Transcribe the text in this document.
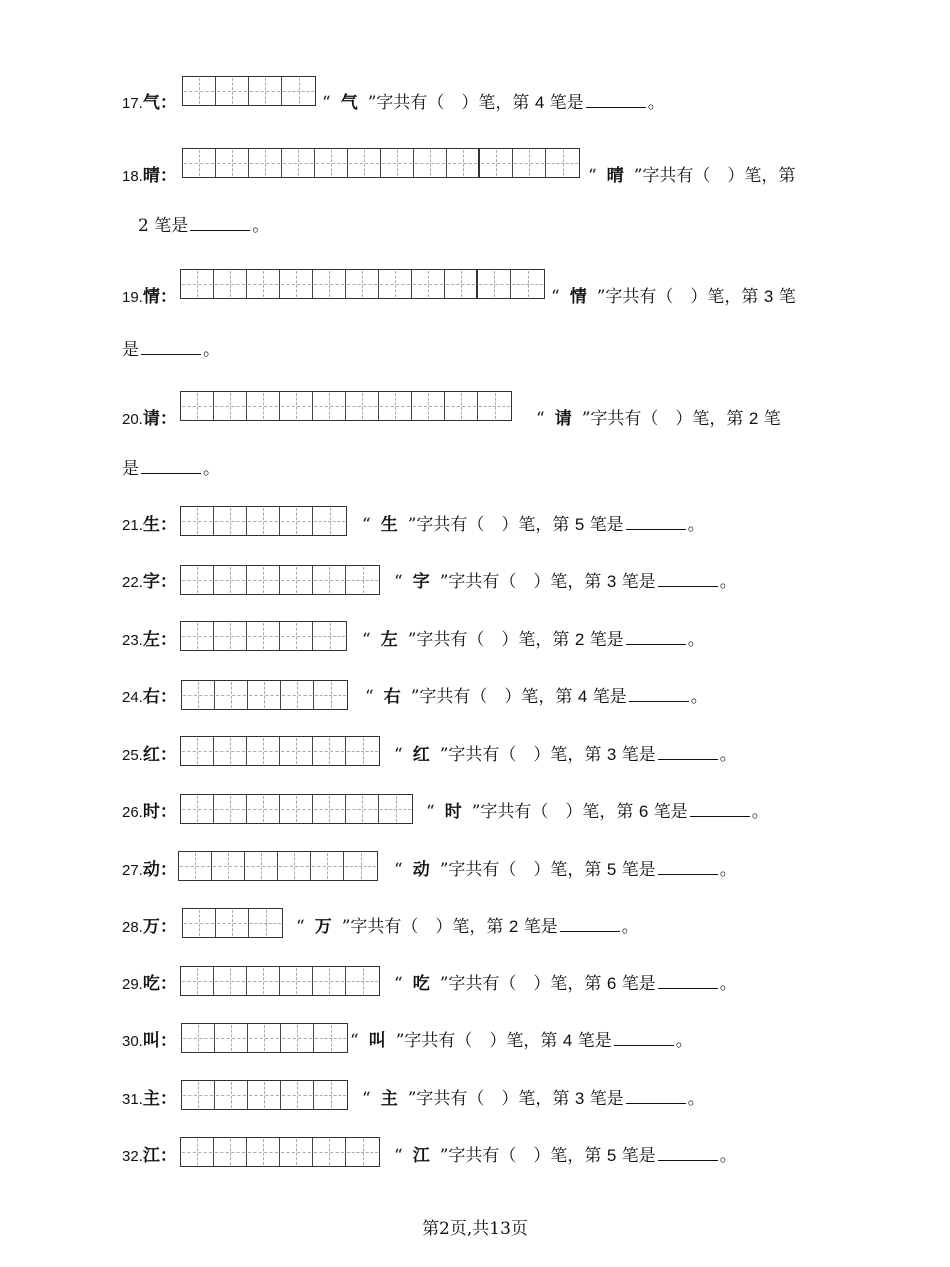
17.气：	“ 气 ”字共有（　）笔，第 4 笔是	。
18.晴：	“ 晴 ”字共有（　）笔，第
2 笔是	。
19.情：	“ 情 ”字共有（　）笔，第 3 笔
是	。
20.请：	“ 请 ”字共有（　）笔，第 2 笔
是	。
21.生：	“ 生 ”字共有（　）笔，第 5 笔是	。
22.字：	“ 字 ”字共有（　）笔，第 3 笔是	。
23.左：	“ 左 ”字共有（　）笔，第 2 笔是	。
24.右：	“ 右 ”字共有（　）笔，第 4 笔是	。
25.红：	“ 红 ”字共有（　）笔，第 3 笔是	。
26.时：	“ 时 ”字共有（　）笔，第 6 笔是	。
27.动：	“ 动 ”字共有（　）笔，第 5 笔是	。
28.万：	“ 万 ”字共有（　）笔，第 2 笔是	。
29.吃：	“ 吃 ”字共有（　）笔，第 6 笔是	。
30.叫：	“ 叫 ”字共有（　）笔，第 4 笔是	。
31.主：	“ 主 ”字共有（　）笔，第 3 笔是	。
32.江：	“ 江 ”字共有（　）笔，第 5 笔是	。
第2页,共13页
